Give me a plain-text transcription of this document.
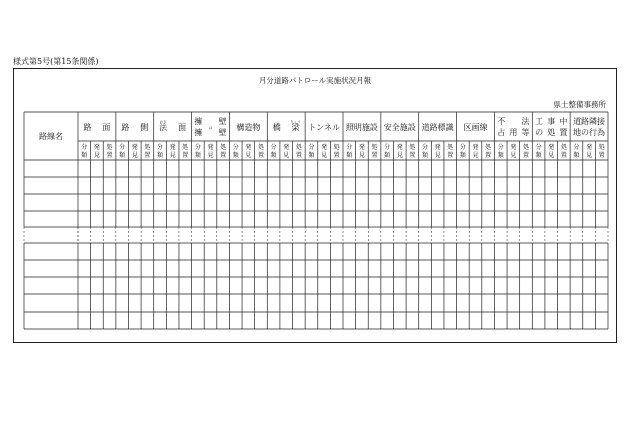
様式第5号(第15条関係)
月分道路パトロール実施状況月報
県土整備事務所
路線名
路 面 路 側 法 面
のり	擁 壁
擁 壁
は	構造物 橋 梁
りょう
トンネル 照明施設 安全施設 道路標識 区画線
不 法
占 用 等
工 事 中
の 処 置
道路隣接
地の行為
分
類
発
見
処
置
分
類
発
見
処
置
分
類
発
見
処
置
分
類
発
見
処
置
分
類
発
見
処
置
分
類
発
見
処
置
分
類
発
見
処
置
分
類
発
見
処
置
分
類
発
見
処
置
分
類
発
見
処
置
分
類
発
見
処
置
分
類
発
見
処
置
分
類
発
見
処
置
分
類
発
見
処
置
